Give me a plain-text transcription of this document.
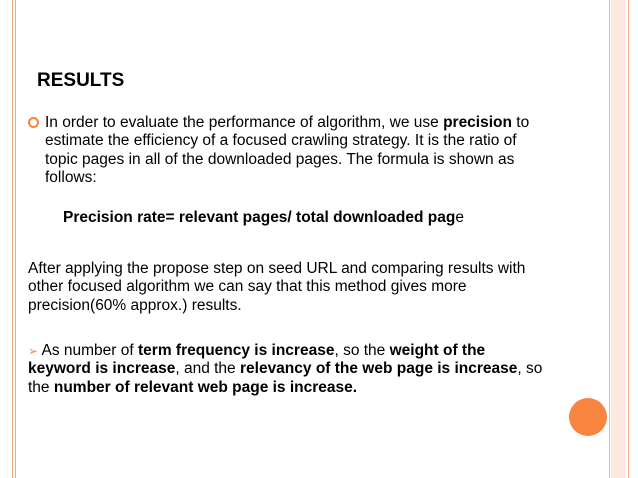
RESULTS

In order to evaluate the performance of algorithm, we use precision to estimate the efficiency of a focused crawling strategy. It is the ratio of topic pages in all of the downloaded pages. The formula is shown as follows:

Precision rate= relevant pages/ total downloaded page

After applying the propose step on seed URL and comparing results with other focused algorithm we can say that this method gives more precision(60% approx.) results.

➢ As number of term frequency is increase, so the weight of the keyword is increase, and the relevancy of the web page is increase, so the number of relevant web page is increase.
